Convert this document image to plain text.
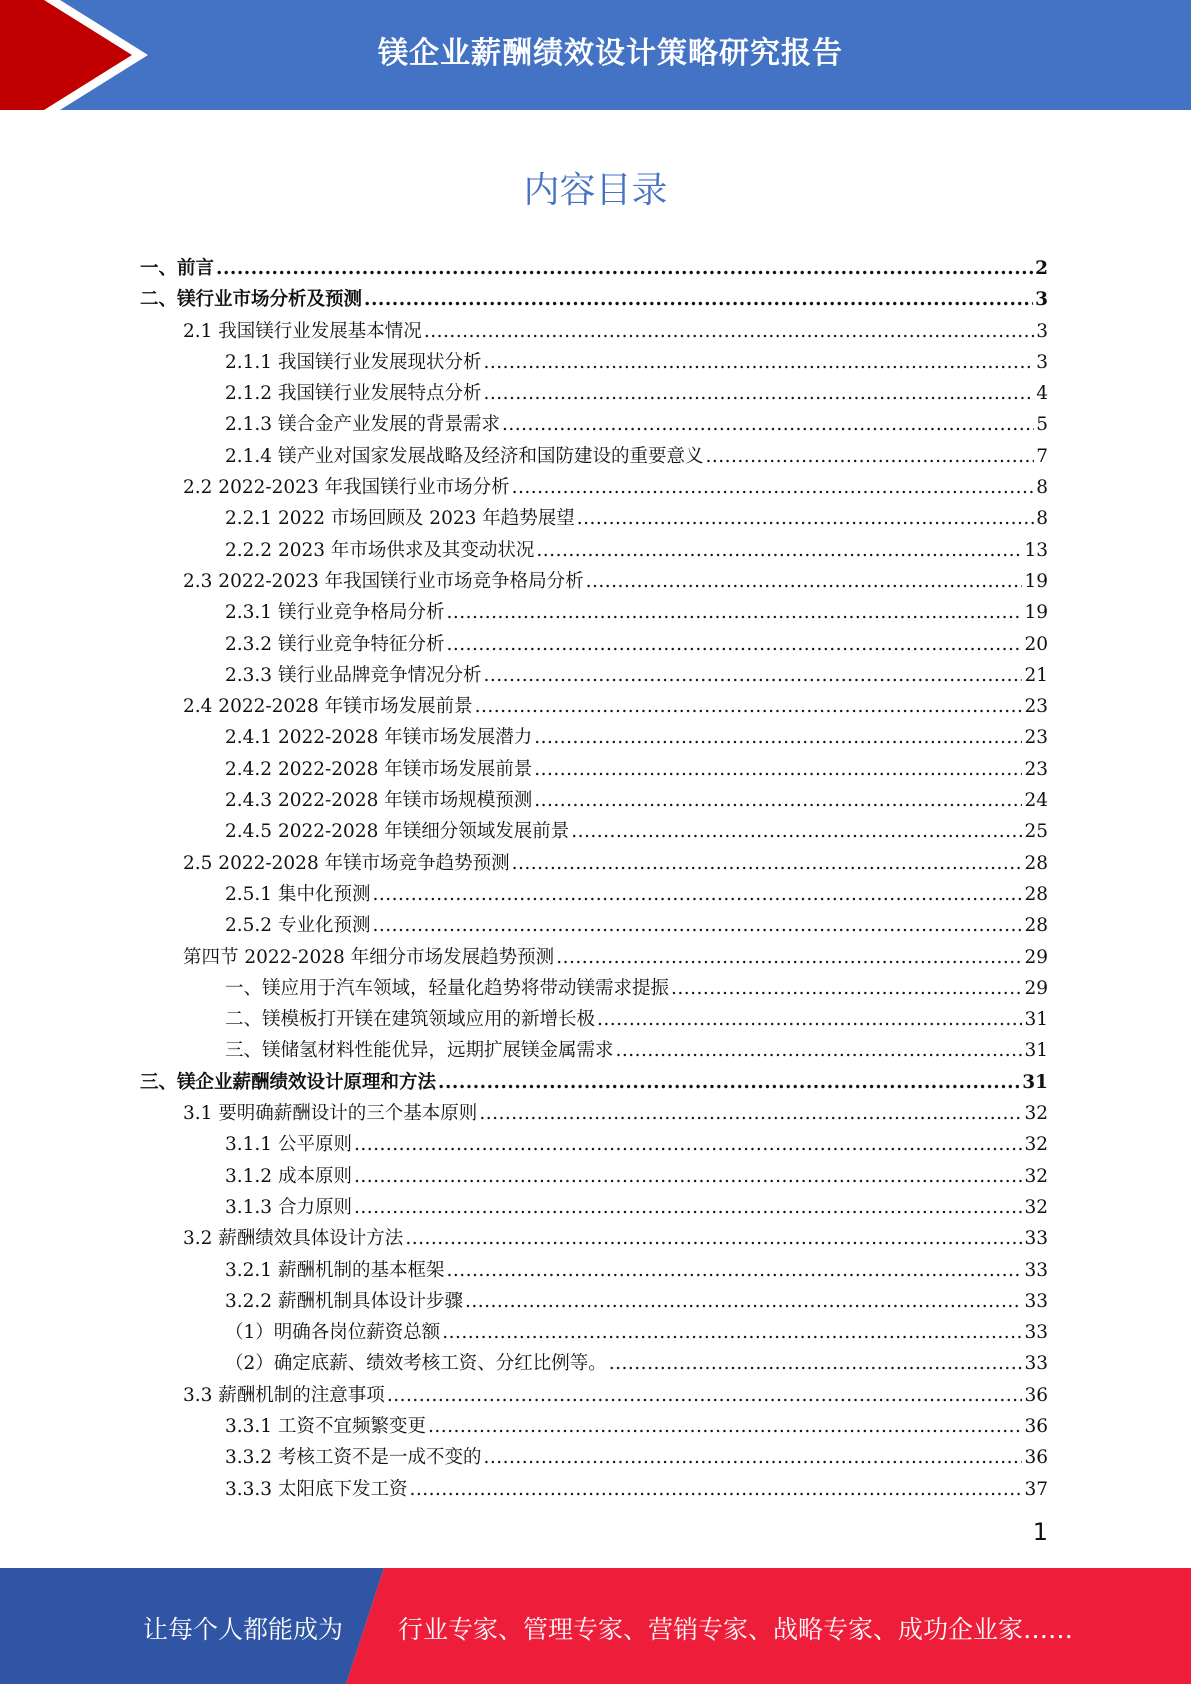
镁企业薪酬绩效设计策略研究报告
内容目录
一、前言 .....	2
二、镁行业市场分析及预测 .....	3
2.1 我国镁行业发展基本情况 .....	3
2.1.1 我国镁行业发展现状分析 .....	3
2.1.2 我国镁行业发展特点分析 .....	4
2.1.3 镁合金产业发展的背景需求 .....	5
2.1.4 镁产业对国家发展战略及经济和国防建设的重要意义 .....	7
2.2 2022-2023 年我国镁行业市场分析 .....	8
2.2.1 2022 市场回顾及 2023 年趋势展望 .....	8
2.2.2 2023 年市场供求及其变动状况 .....	13
2.3 2022-2023 年我国镁行业市场竞争格局分析 .....	19
2.3.1 镁行业竞争格局分析 .....	19
2.3.2 镁行业竞争特征分析 .....	20
2.3.3 镁行业品牌竞争情况分析 .....	21
2.4 2022-2028 年镁市场发展前景 .....	23
2.4.1 2022-2028 年镁市场发展潜力 .....	23
2.4.2 2022-2028 年镁市场发展前景 .....	23
2.4.3 2022-2028 年镁市场规模预测 .....	24
2.4.5 2022-2028 年镁细分领域发展前景 .....	25
2.5 2022-2028 年镁市场竞争趋势预测 .....	28
2.5.1 集中化预测 .....	28
2.5.2 专业化预测 .....	28
第四节 2022-2028 年细分市场发展趋势预测 .....	29
一、镁应用于汽车领域，轻量化趋势将带动镁需求提振 .....	29
二、镁模板打开镁在建筑领域应用的新增长极 .....	31
三、镁储氢材料性能优异，远期扩展镁金属需求 .....	31
三、镁企业薪酬绩效设计原理和方法 .....	31
3.1 要明确薪酬设计的三个基本原则 .....	32
3.1.1 公平原则 .....	32
3.1.2 成本原则 .....	32
3.1.3 合力原则 .....	32
3.2 薪酬绩效具体设计方法 .....	33
3.2.1 薪酬机制的基本框架 .....	33
3.2.2 薪酬机制具体设计步骤 .....	33
（1）明确各岗位薪资总额 .....	33
（2）确定底薪、绩效考核工资、分红比例等。 .....	33
3.3 薪酬机制的注意事项 .....	36
3.3.1 工资不宜频繁变更 .....	36
3.3.2 考核工资不是一成不变的 .....	36
3.3.3 太阳底下发工资 .....	37
1
让每个人都能成为 行业专家、管理专家、营销专家、战略专家、成功企业家……
